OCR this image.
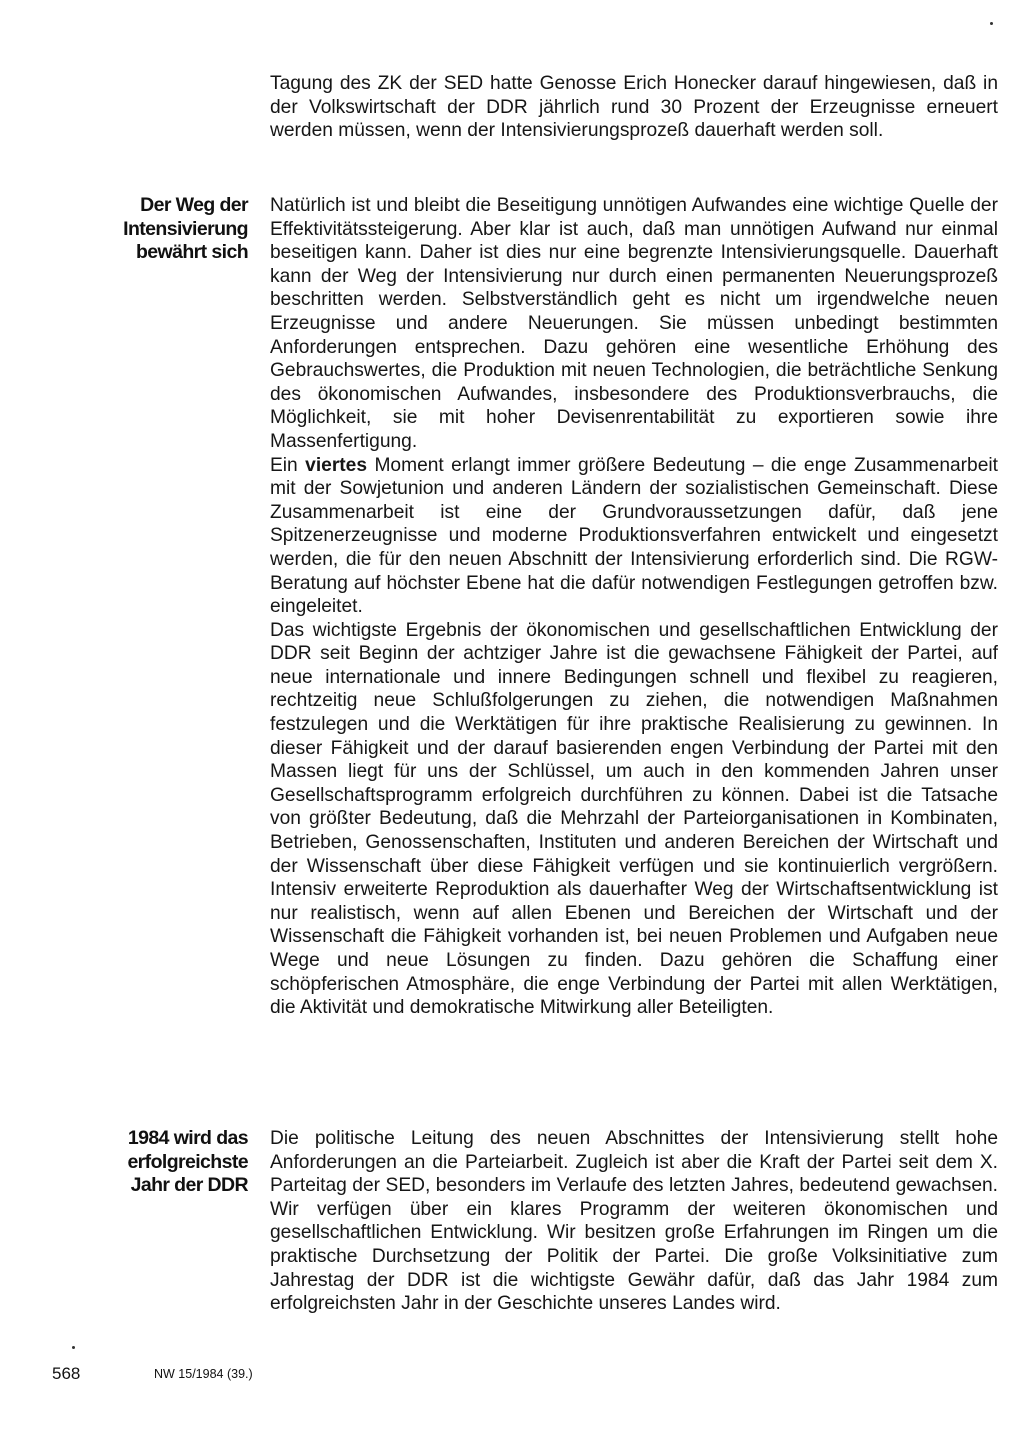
Tagung des ZK der SED hatte Genosse Erich Honecker darauf hingewiesen, daß in der Volkswirtschaft der DDR jährlich rund 30 Prozent der Erzeugnisse erneuert werden müssen, wenn der Intensivierungsprozeß dauerhaft werden soll.

Der Weg der
Intensivierung
bewährt sich

Natürlich ist und bleibt die Beseitigung unnötigen Aufwandes eine wichtige Quelle der Effektivitätssteigerung. Aber klar ist auch, daß man unnötigen Aufwand nur einmal beseitigen kann. Daher ist dies nur eine begrenzte Intensivierungsquelle. Dauerhaft kann der Weg der Intensivierung nur durch einen permanenten Neuerungsprozeß beschritten werden. Selbstverständlich geht es nicht um irgendwelche neuen Erzeugnisse und andere Neuerungen. Sie müssen unbedingt bestimmten Anforderungen entsprechen. Dazu gehören eine wesentliche Erhöhung des Gebrauchswertes, die Produktion mit neuen Technologien, die beträchtliche Senkung des ökonomischen Aufwandes, insbesondere des Produktionsverbrauchs, die Möglichkeit, sie mit hoher Devisenrentabilität zu exportieren sowie ihre Massenfertigung.

Ein viertes Moment erlangt immer größere Bedeutung – die enge Zusammenarbeit mit der Sowjetunion und anderen Ländern der sozialistischen Gemeinschaft. Diese Zusammenarbeit ist eine der Grundvoraussetzungen dafür, daß jene Spitzenerzeugnisse und moderne Produktionsverfahren entwickelt und eingesetzt werden, die für den neuen Abschnitt der Intensivierung erforderlich sind. Die RGW-Beratung auf höchster Ebene hat die dafür notwendigen Festlegungen getroffen bzw. eingeleitet.

Das wichtigste Ergebnis der ökonomischen und gesellschaftlichen Entwicklung der DDR seit Beginn der achtziger Jahre ist die gewachsene Fähigkeit der Partei, auf neue internationale und innere Bedingungen schnell und flexibel zu reagieren, rechtzeitig neue Schlußfolgerungen zu ziehen, die notwendigen Maßnahmen festzulegen und die Werktätigen für ihre praktische Realisierung zu gewinnen. In dieser Fähigkeit und der darauf basierenden engen Verbindung der Partei mit den Massen liegt für uns der Schlüssel, um auch in den kommenden Jahren unser Gesellschaftsprogramm erfolgreich durchführen zu können. Dabei ist die Tatsache von größter Bedeutung, daß die Mehrzahl der Parteiorganisationen in Kombinaten, Betrieben, Genossenschaften, Instituten und anderen Bereichen der Wirtschaft und der Wissenschaft über diese Fähigkeit verfügen und sie kontinuierlich vergrößern. Intensiv erweiterte Reproduktion als dauerhafter Weg der Wirtschaftsentwicklung ist nur realistisch, wenn auf allen Ebenen und Bereichen der Wirtschaft und der Wissenschaft die Fähigkeit vorhanden ist, bei neuen Problemen und Aufgaben neue Wege und neue Lösungen zu finden. Dazu gehören die Schaffung einer schöpferischen Atmosphäre, die enge Verbindung der Partei mit allen Werktätigen, die Aktivität und demokratische Mitwirkung aller Beteiligten.

1984 wird das
erfolgreichste
Jahr der DDR

Die politische Leitung des neuen Abschnittes der Intensivierung stellt hohe Anforderungen an die Parteiarbeit. Zugleich ist aber die Kraft der Partei seit dem X. Parteitag der SED, besonders im Verlaufe des letzten Jahres, bedeutend gewachsen. Wir verfügen über ein klares Programm der weiteren ökonomischen und gesellschaftlichen Entwicklung. Wir besitzen große Erfahrungen im Ringen um die praktische Durchsetzung der Politik der Partei. Die große Volksinitiative zum Jahrestag der DDR ist die wichtigste Gewähr dafür, daß das Jahr 1984 zum erfolgreichsten Jahr in der Geschichte unseres Landes wird.

568	NW 15/1984 (39.)
